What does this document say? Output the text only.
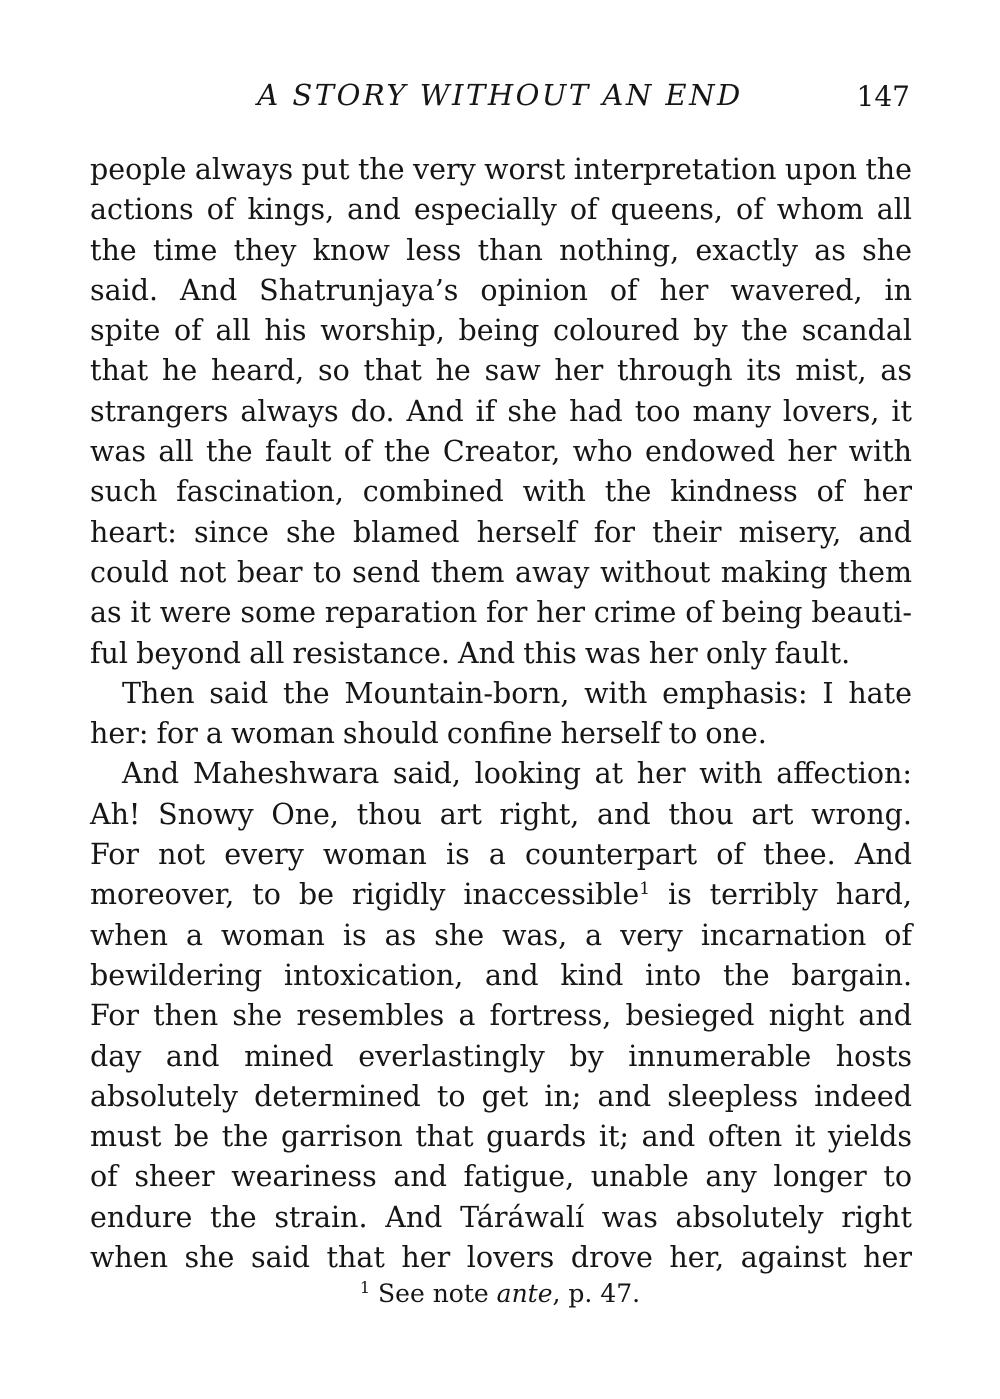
A STORY WITHOUT AN END	147
people always put the very worst interpretation upon the
actions of kings, and especially of queens, of whom all
the time they know less than nothing, exactly as she
said. And Shatrunjaya’s opinion of her wavered, in
spite of all his worship, being coloured by the scandal
that he heard, so that he saw her through its mist, as
strangers always do. And if she had too many lovers, it
was all the fault of the Creator, who endowed her with
such fascination, combined with the kindness of her
heart: since she blamed herself for their misery, and
could not bear to send them away without making them
as it were some reparation for her crime of being beauti-
ful beyond all resistance. And this was her only fault.
Then said the Mountain-born, with emphasis: I hate
her: for a woman should confine herself to one.
And Maheshwara said, looking at her with affection:
Ah! Snowy One, thou art right, and thou art wrong.
For not every woman is a counterpart of thee. And
moreover, to be rigidly inaccessible$^1$ is terribly hard,
when a woman is as she was, a very incarnation of
bewildering intoxication, and kind into the bargain.
For then she resembles a fortress, besieged night and
day and mined everlastingly by innumerable hosts
absolutely determined to get in; and sleepless indeed
must be the garrison that guards it; and often it yields
of sheer weariness and fatigue, unable any longer to
endure the strain. And Táráwalí was absolutely right
when she said that her lovers drove her, against her
$^1$ See note ante, p. 47.
